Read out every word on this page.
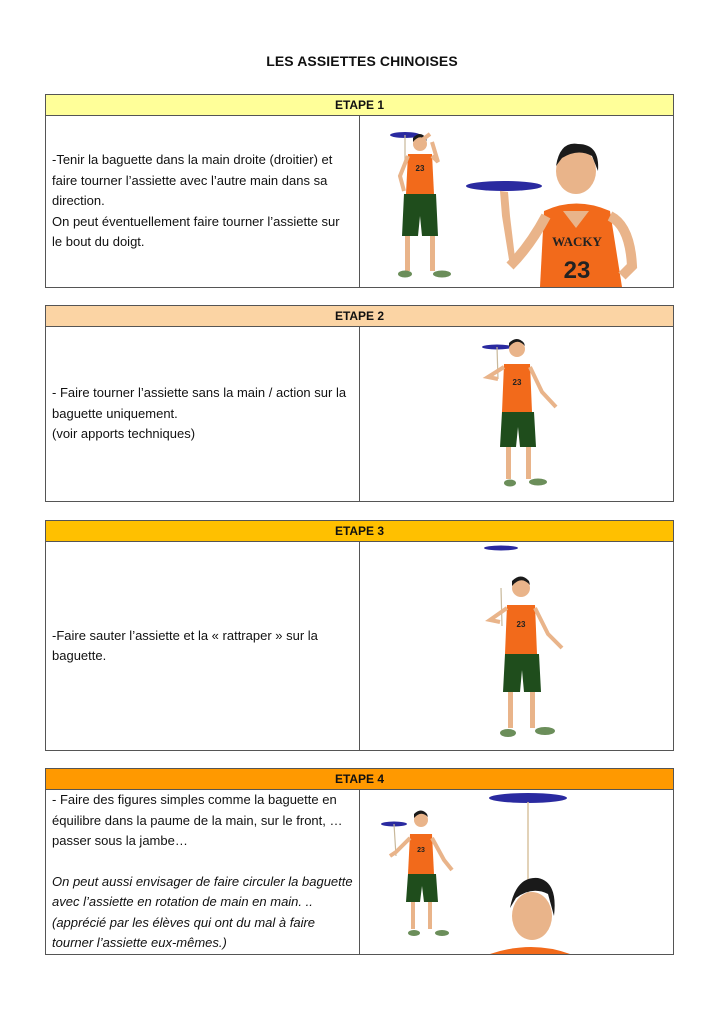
LES ASSIETTES CHINOISES
ETAPE 1

-Tenir la baguette dans la main droite (droitier) et faire tourner l’assiette avec l’autre main dans sa direction.

On peut éventuellement faire tourner l’assiette sur le bout du doigt.

23
WACKY
23
ETAPE 2

- Faire tourner l’assiette sans la main / action sur la baguette uniquement.

(voir apports techniques)

23
ETAPE 3

-Faire sauter l’assiette et la « rattraper » sur la baguette.

23
ETAPE 4

- Faire des figures simples comme la baguette en équilibre dans la paume de la main, sur le front, …passer sous la jambe…

On peut aussi envisager de faire circuler la baguette avec l’assiette en rotation de main en main. ..(apprécié par les élèves qui ont du mal à faire tourner l’assiette eux-mêmes.)

23
